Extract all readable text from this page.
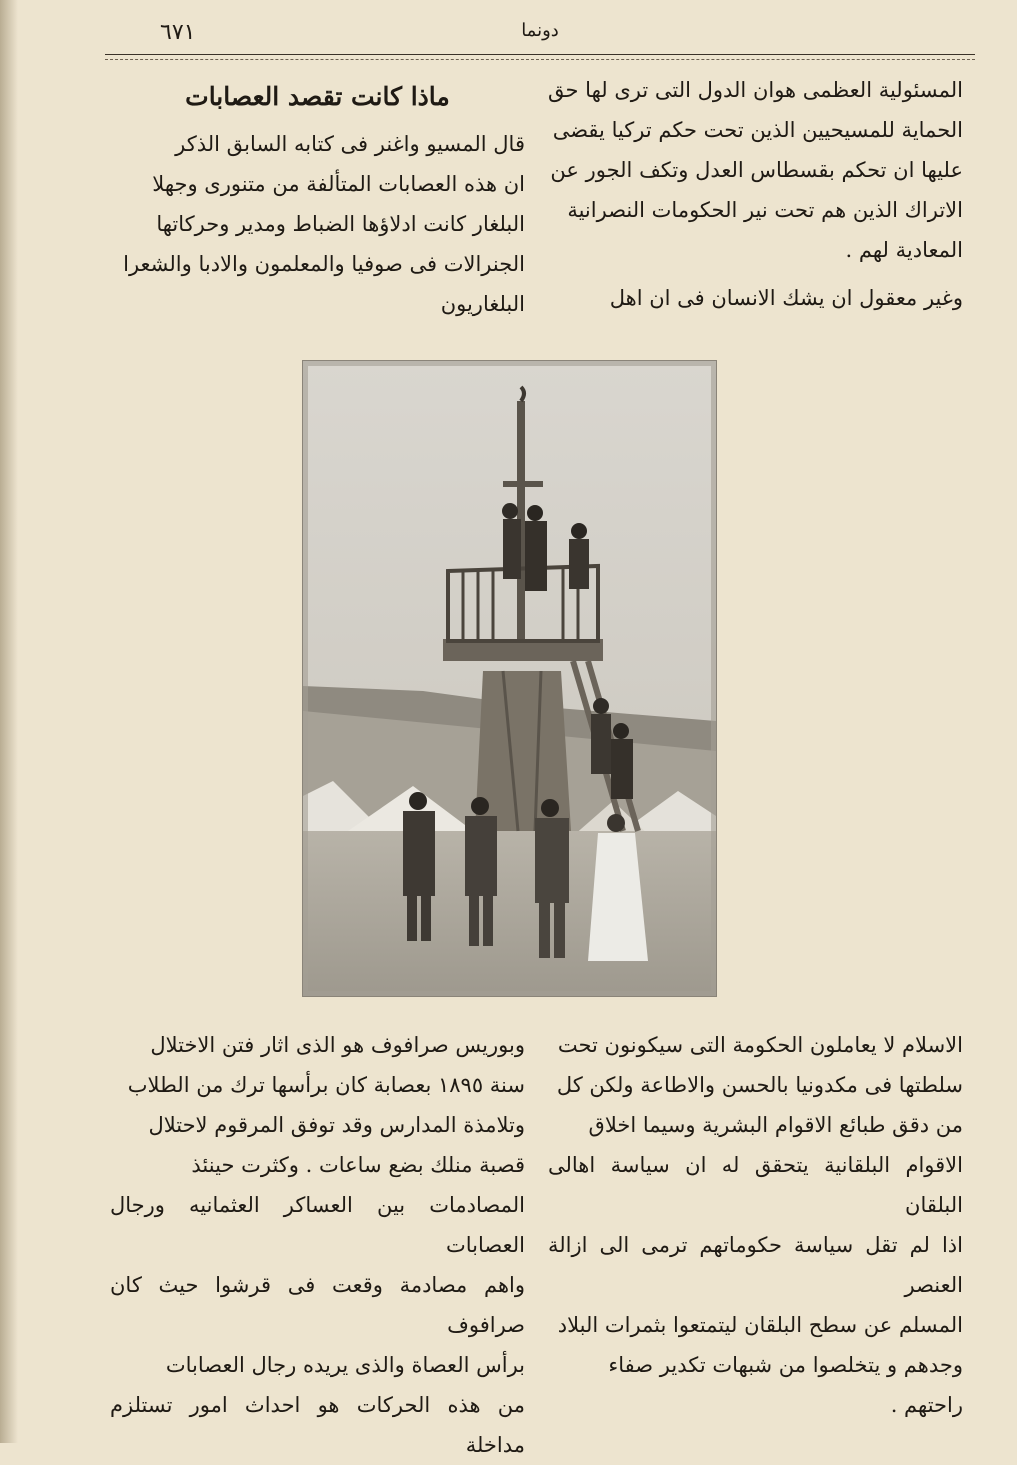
٦٧١	دونما

المسئولية العظمى هوان الدول التى ترى لها حق

الحماية للمسيحيين الذين تحت حكم تركيا يقضى

عليها ان تحكم بقسطاس العدل وتكف الجور عن

الاتراك الذين هم تحت نير الحكومات النصرانية

المعادية لهم .

وغير معقول ان يشك الانسان فى ان اهل

ماذا كانت تقصد العصابات

قال المسيو واغنر فى كتابه السابق الذكر

ان هذه العصابات المتألفة من متنورى وجهلا

البلغار كانت ادلاؤها الضباط ومدير وحركاتها

الجنرالات فى صوفيا والمعلمون والادبا والشعرا

البلغاريون

الاسلام لا يعاملون الحكومة التى سيكونون تحت

سلطتها فى مكدونيا بالحسن والاطاعة ولكن كل

من دقق طبائع الاقوام البشرية وسيما اخلاق

الاقوام البلقانية يتحقق له ان سياسة اهالى البلقان

اذا لم تقل سياسة حكوماتهم ترمى الى ازالة العنصر

المسلم عن سطح البلقان ليتمتعوا بثمرات البلاد

وجدهم و يتخلصوا من شبهات تكدير صفاء

راحتهم .

وبوريس صرافوف هو الذى اثار فتن الاختلال

سنة ١٨٩٥ بعصابة كان برأسها ترك من الطلاب

وتلامذة المدارس وقد توفق المرقوم لاحتلال

قصبة منلك بضع ساعات . وكثرت حينئذ

المصادمات بين العساكر العثمانيه ورجال العصابات

واهم مصادمة وقعت فى قرشوا حيث كان صرافوف

برأس العصاة والذى يريده رجال العصابات

من هذه الحركات هو احداث امور تستلزم مداخلة
